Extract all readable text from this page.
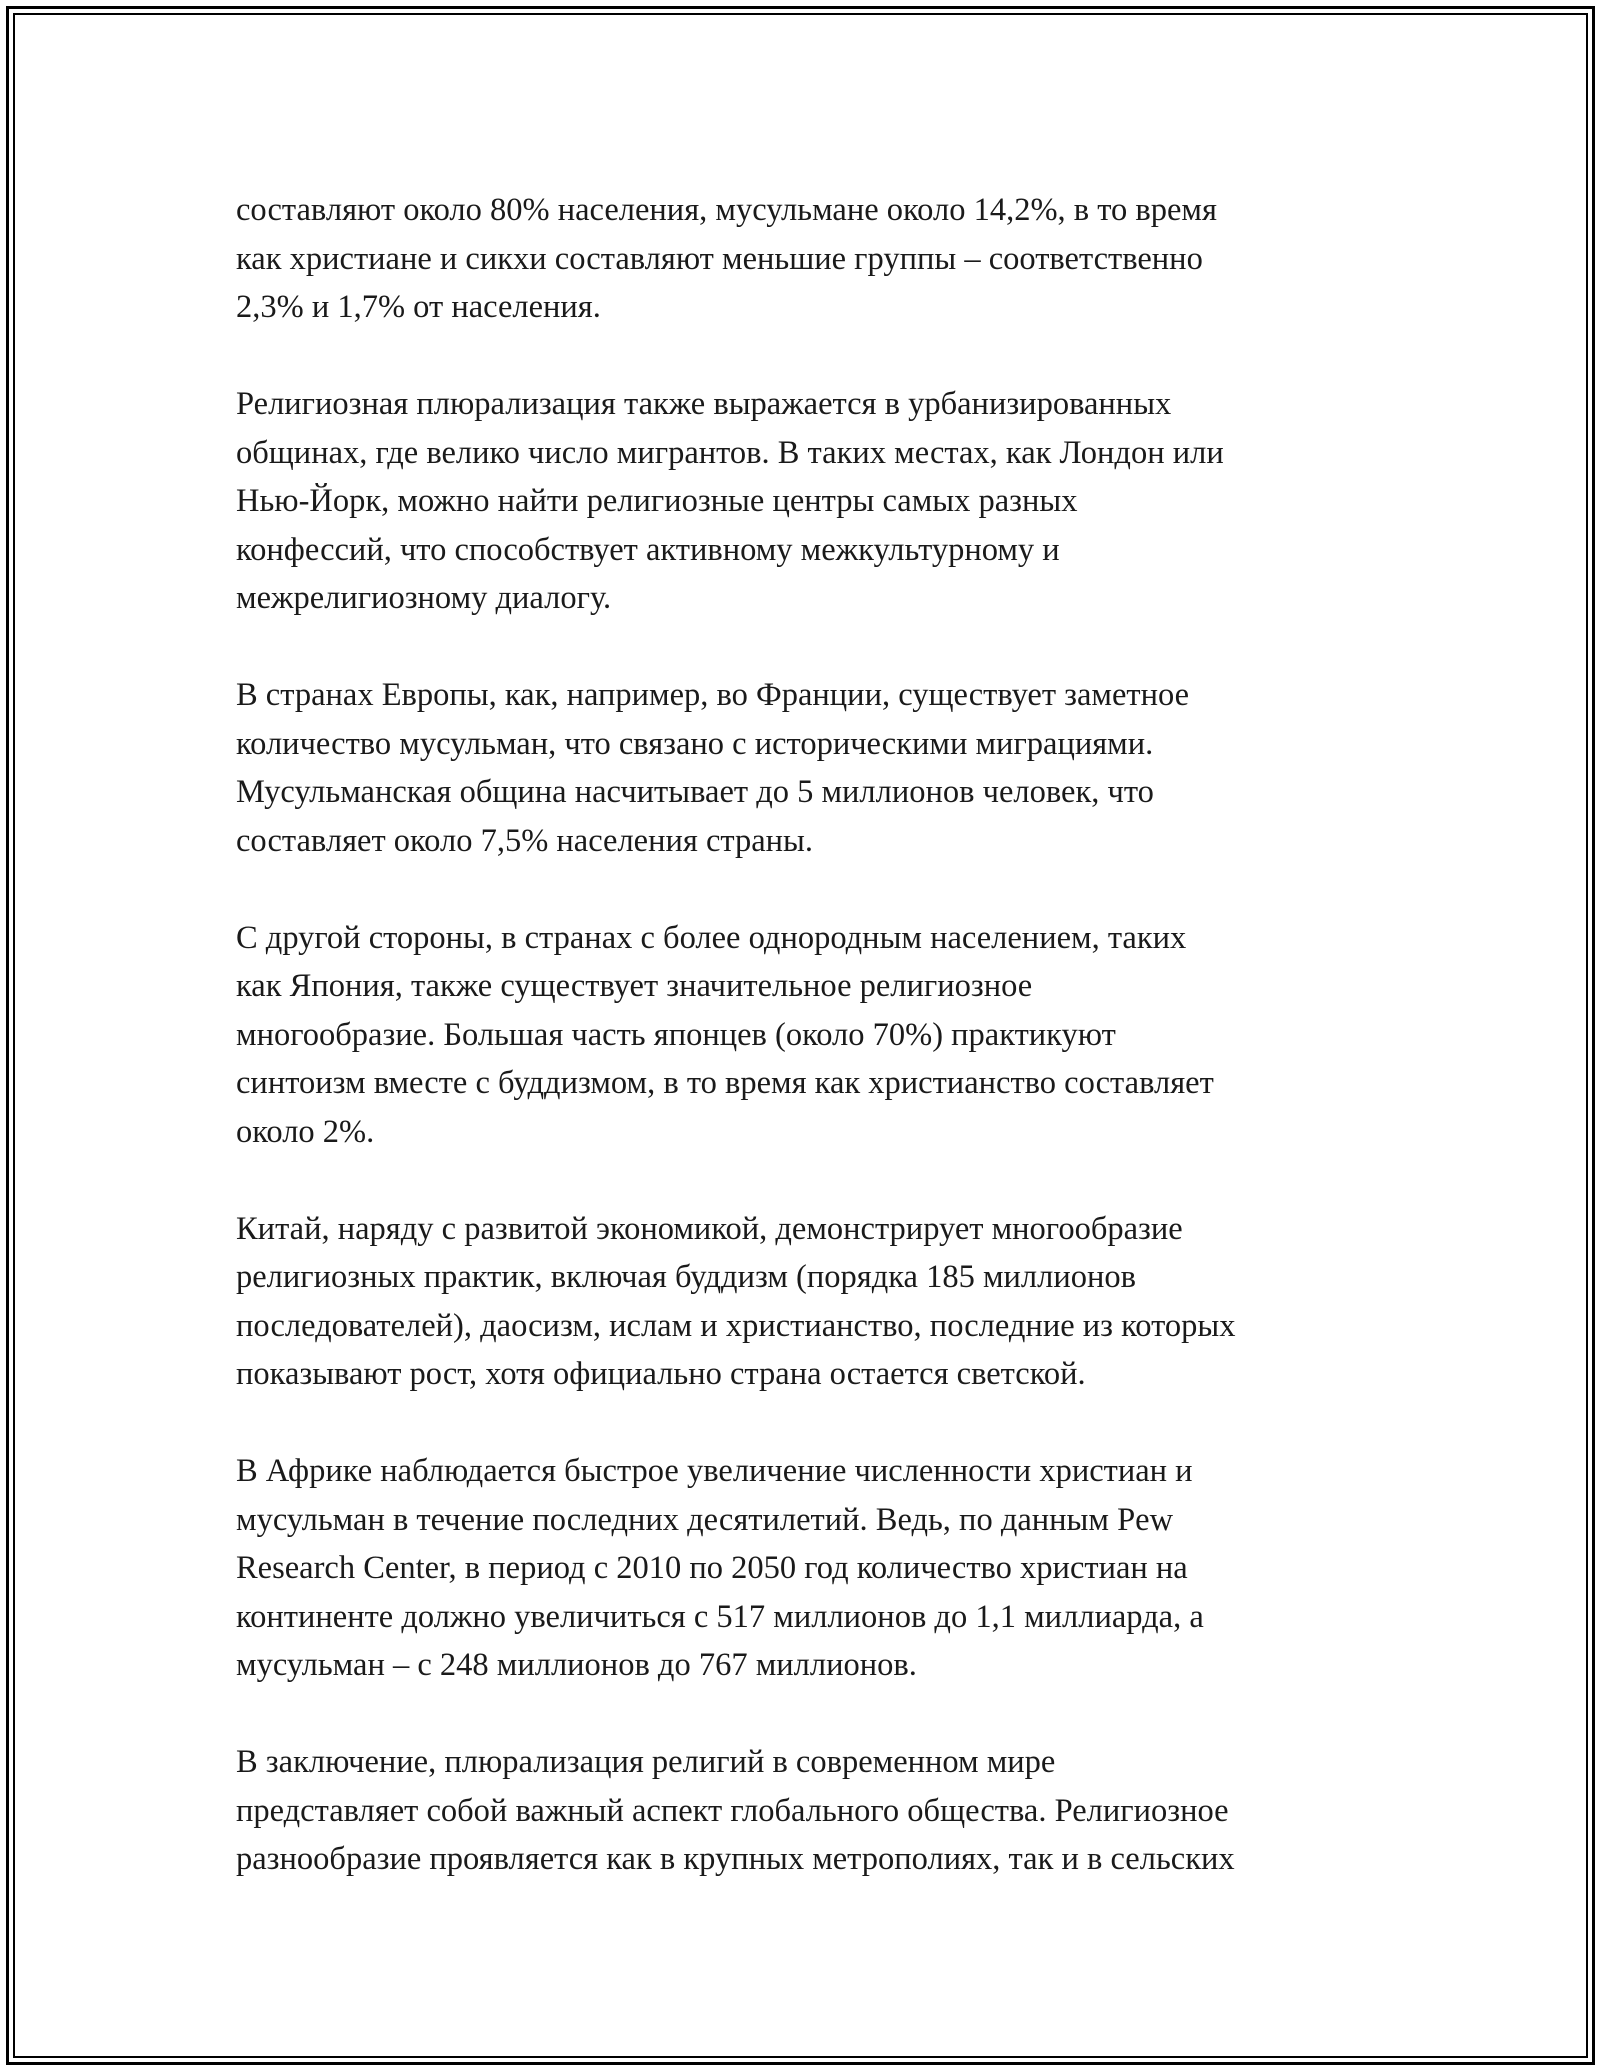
составляют около 80% населения, мусульмане около 14,2%, в то время
как христиане и сикхи составляют меньшие группы – соответственно
2,3% и 1,7% от населения.
Религиозная плюрализация также выражается в урбанизированных
общинах, где велико число мигрантов. В таких местах, как Лондон или
Нью-Йорк, можно найти религиозные центры самых разных
конфессий, что способствует активному межкультурному и
межрелигиозному диалогу.
В странах Европы, как, например, во Франции, существует заметное
количество мусульман, что связано с историческими миграциями.
Мусульманская община насчитывает до 5 миллионов человек, что
составляет около 7,5% населения страны.
С другой стороны, в странах с более однородным населением, таких
как Япония, также существует значительное религиозное
многообразие. Большая часть японцев (около 70%) практикуют
синтоизм вместе с буддизмом, в то время как христианство составляет
около 2%.
Китай, наряду с развитой экономикой, демонстрирует многообразие
религиозных практик, включая буддизм (порядка 185 миллионов
последователей), даосизм, ислам и христианство, последние из которых
показывают рост, хотя официально страна остается светской.
В Африке наблюдается быстрое увеличение численности христиан и
мусульман в течение последних десятилетий. Ведь, по данным Pew
Research Center, в период с 2010 по 2050 год количество христиан на
континенте должно увеличиться с 517 миллионов до 1,1 миллиарда, а
мусульман – с 248 миллионов до 767 миллионов.
В заключение, плюрализация религий в современном мире
представляет собой важный аспект глобального общества. Религиозное
разнообразие проявляется как в крупных метрополиях, так и в сельских
